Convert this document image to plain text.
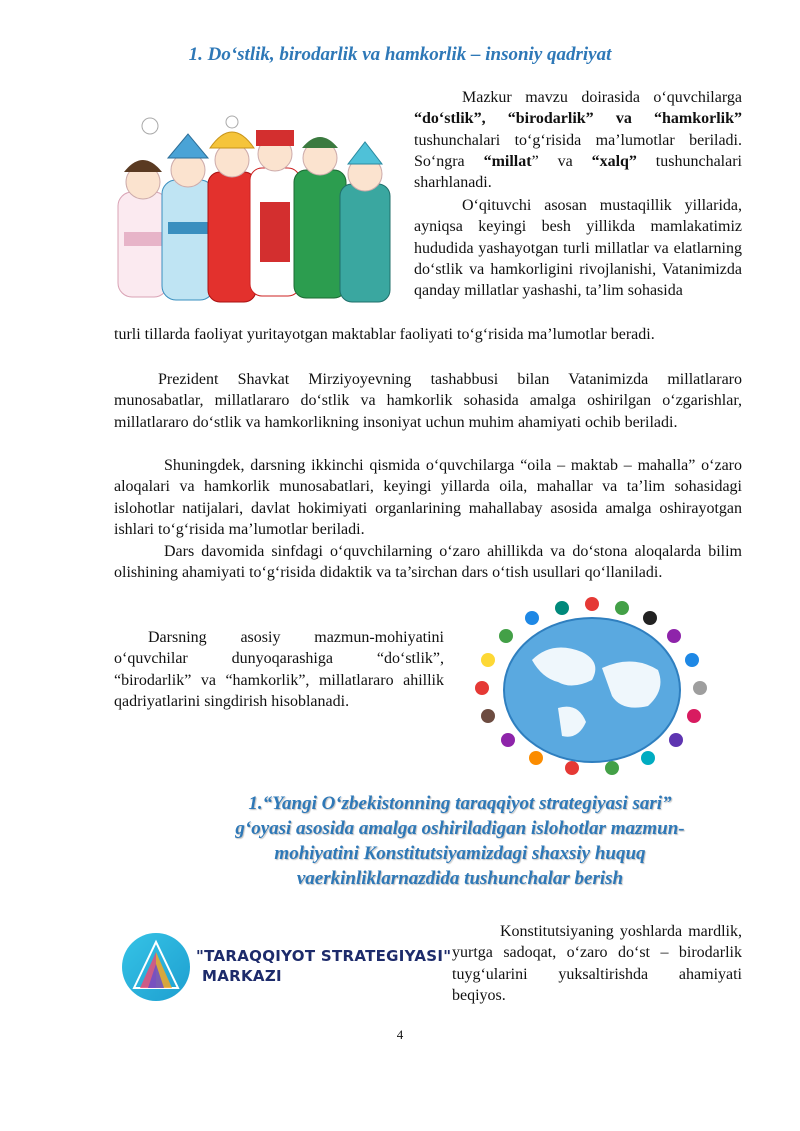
1. Do‘stlik, birodarlik va hamkorlik – insoniy qadriyat

Mazkur mavzu doirasida o‘quvchilarga “do‘stlik”, “birodarlik” va “hamkorlik” tushunchalari to‘g‘risida ma’lumotlar beriladi. So‘ngra “millat” va “xalq” tushunchalari sharhlanadi.

O‘qituvchi asosan mustaqillik yillarida, ayniqsa keyingi besh yillikda mamlakatimiz hududida yashayotgan turli millatlar va elatlarning do‘stlik va hamkorligini rivojlanishi, Vatanimizda qanday millatlar yashashi, ta’lim sohasida

turli tillarda faoliyat yuritayotgan maktablar faoliyati to‘g‘risida ma’lumotlar beradi.

Prezident Shavkat Mirziyoyevning tashabbusi bilan Vatanimizda millatlararo munosabatlar, millatlararo do‘stlik va hamkorlik sohasida amalga oshirilgan o‘zgarishlar, millatlararo do‘stlik va hamkorlikning insoniyat uchun muhim ahamiyati ochib beriladi.

Shuningdek, darsning ikkinchi qismida o‘quvchilarga “oila – maktab – mahalla” o‘zaro aloqalari va hamkorlik munosabatlari, keyingi yillarda oila, mahallar va ta’lim sohasidagi islohotlar natijalari, davlat hokimiyati organlarining mahallabay asosida amalga oshirayotgan ishlari to‘g‘risida ma’lumotlar beriladi.

Dars davomida sinfdagi o‘quvchilarning o‘zaro ahillikda va do‘stona aloqalarda bilim olishining ahamiyati to‘g‘risida didaktik va ta’sirchan dars o‘tish usullari qo‘llaniladi.

Darsning asosiy mazmun-mohiyatini o‘quvchilar dunyoqarashiga “do‘stlik”, “birodarlik” va “hamkorlik”, millatlararo ahillik qadriyatlarini singdirish hisoblanadi.

1.“Yangi O‘zbekistonning taraqqiyot strategiyasi sari”
g‘oyasi asosida amalga oshiriladigan islohotlar mazmun-
mohiyatini Konstitutsiyamizdagi shaxsiy huquq
vaerkinliklarnazdida tushunchalar berish
"TARAQQIYOT STRATEGIYASI"
MARKAZI

Konstitutsiyaning yoshlarda mardlik, yurtga sadoqat, o‘zaro do‘st – birodarlik tuyg‘ularini yuksaltirishda ahamiyati beqiyos.

4
